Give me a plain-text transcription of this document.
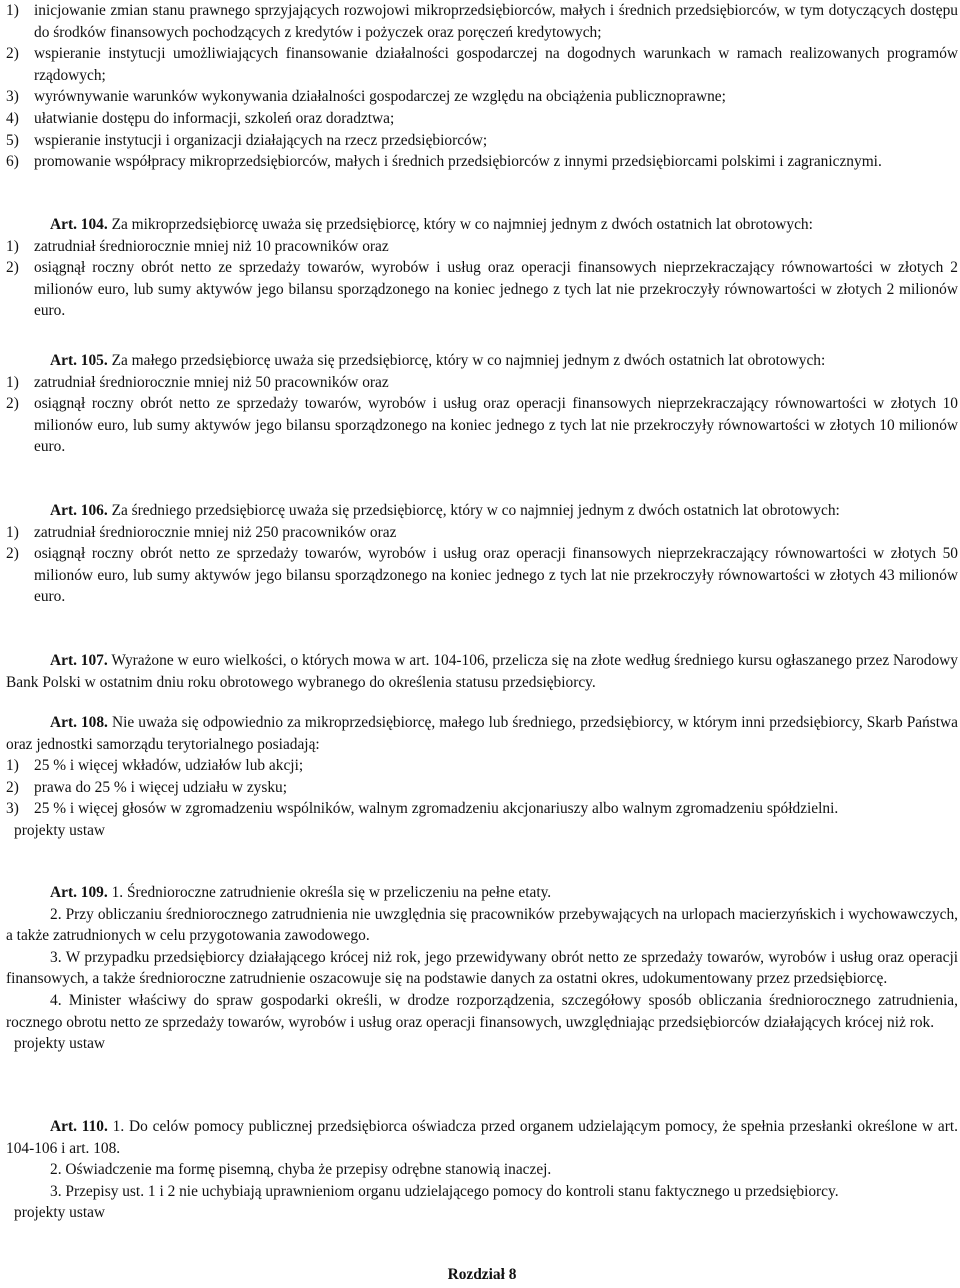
1) inicjowanie zmian stanu prawnego sprzyjających rozwojowi mikroprzedsiębiorców, małych i średnich przedsiębiorców, w tym dotyczących dostępu do środków finansowych pochodzących z kredytów i pożyczek oraz poręczeń kredytowych;
2) wspieranie instytucji umożliwiających finansowanie działalności gospodarczej na dogodnych warunkach w ramach realizowanych programów rządowych;
3) wyrównywanie warunków wykonywania działalności gospodarczej ze względu na obciążenia publicznoprawne;
4) ułatwianie dostępu do informacji, szkoleń oraz doradztwa;
5) wspieranie instytucji i organizacji działających na rzecz przedsiębiorców;
6) promowanie współpracy mikroprzedsiębiorców, małych i średnich przedsiębiorców z innymi przedsiębiorcami polskimi i zagranicznymi.
Art. 104. Za mikroprzedsiębiorcę uważa się przedsiębiorcę, który w co najmniej jednym z dwóch ostatnich lat obrotowych:
1) zatrudniał średniorocznie mniej niż 10 pracowników oraz
2) osiągnął roczny obrót netto ze sprzedaży towarów, wyrobów i usług oraz operacji finansowych nieprzekraczający równowartości w złotych 2 milionów euro, lub sumy aktywów jego bilansu sporządzonego na koniec jednego z tych lat nie przekroczyły równowartości w złotych 2 milionów euro.
Art. 105. Za małego przedsiębiorcę uważa się przedsiębiorcę, który w co najmniej jednym z dwóch ostatnich lat obrotowych:
1) zatrudniał średniorocznie mniej niż 50 pracowników oraz
2) osiągnął roczny obrót netto ze sprzedaży towarów, wyrobów i usług oraz operacji finansowych nieprzekraczający równowartości w złotych 10 milionów euro, lub sumy aktywów jego bilansu sporządzonego na koniec jednego z tych lat nie przekroczyły równowartości w złotych 10 milionów euro.
Art. 106. Za średniego przedsiębiorcę uważa się przedsiębiorcę, który w co najmniej jednym z dwóch ostatnich lat obrotowych:
1) zatrudniał średniorocznie mniej niż 250 pracowników oraz
2) osiągnął roczny obrót netto ze sprzedaży towarów, wyrobów i usług oraz operacji finansowych nieprzekraczający równowartości w złotych 50 milionów euro, lub sumy aktywów jego bilansu sporządzonego na koniec jednego z tych lat nie przekroczyły równowartości w złotych 43 milionów euro.
Art. 107. Wyrażone w euro wielkości, o których mowa w art. 104-106, przelicza się na złote według średniego kursu ogłaszanego przez Narodowy Bank Polski w ostatnim dniu roku obrotowego wybranego do określenia statusu przedsiębiorcy.
Art. 108. Nie uważa się odpowiednio za mikroprzedsiębiorcę, małego lub średniego, przedsiębiorcy, w którym inni przedsiębiorcy, Skarb Państwa oraz jednostki samorządu terytorialnego posiadają:
1) 25 % i więcej wkładów, udziałów lub akcji;
2) prawa do 25 % i więcej udziału w zysku;
3) 25 % i więcej głosów w zgromadzeniu wspólników, walnym zgromadzeniu akcjonariuszy albo walnym zgromadzeniu spółdzielni.
projekty ustaw
Art. 109. 1. Średnioroczne zatrudnienie określa się w przeliczeniu na pełne etaty.
2. Przy obliczaniu średniorocznego zatrudnienia nie uwzględnia się pracowników przebywających na urlopach macierzyńskich i wychowawczych, a także zatrudnionych w celu przygotowania zawodowego.
3. W przypadku przedsiębiorcy działającego krócej niż rok, jego przewidywany obrót netto ze sprzedaży towarów, wyrobów i usług oraz operacji finansowych, a także średnioroczne zatrudnienie oszacowuje się na podstawie danych za ostatni okres, udokumentowany przez przedsiębiorcę.
4. Minister właściwy do spraw gospodarki określi, w drodze rozporządzenia, szczegółowy sposób obliczania średniorocznego zatrudnienia, rocznego obrotu netto ze sprzedaży towarów, wyrobów i usług oraz operacji finansowych, uwzględniając przedsiębiorców działających krócej niż rok.
projekty ustaw
Art. 110. 1. Do celów pomocy publicznej przedsiębiorca oświadcza przed organem udzielającym pomocy, że spełnia przesłanki określone w art. 104-106 i art. 108.
2. Oświadczenie ma formę pisemną, chyba że przepisy odrębne stanowią inaczej.
3. Przepisy ust. 1 i 2 nie uchybiają uprawnieniom organu udzielającego pomocy do kontroli stanu faktycznego u przedsiębiorcy.
projekty ustaw
Rozdział 8
